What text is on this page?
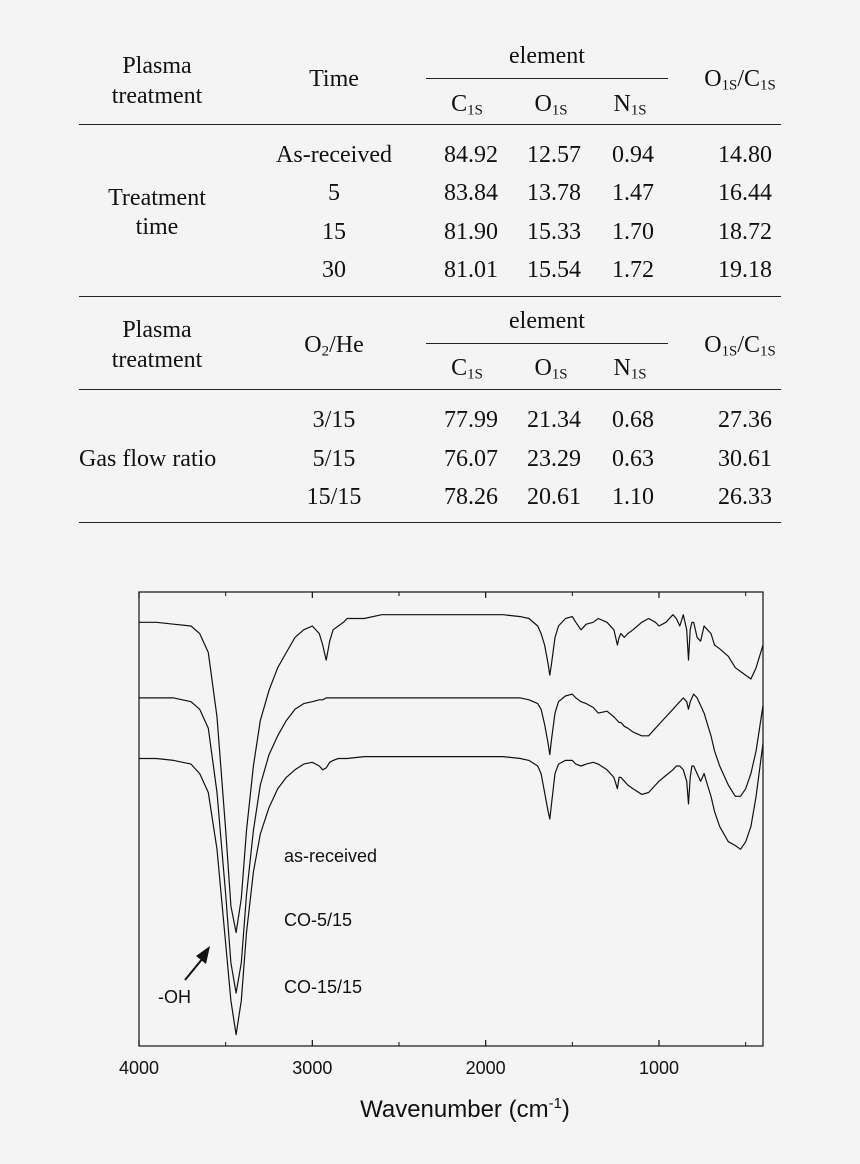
Plasma
treatment
Time
element
$C_{1S}$ $O_{1S}$ $N_{1S}$
$O_{1S}/C_{1S}$
Treatment
time
As-received 84.92 12.57 0.94	14.80
5	83.84 13.78 1.47	16.44
15	81.90 15.33 1.70	18.72
30	81.01 15.54 1.72	19.18
Plasma
treatment
$O_2/He$
element
$C_{1S}$ $O_{1S}$ $N_{1S}$
$O_{1S}/C_{1S}$
Gas flow ratio
3/15	77.99 21.34 0.68	27.36
5/15	76.07 23.29 0.63	30.61
15/15	78.26 20.61 1.10	26.33
4000	3000	2000	1000
Wavenumber $(cm^{-1})$
as-received
CO-5/15
CO-15/15
-OH
